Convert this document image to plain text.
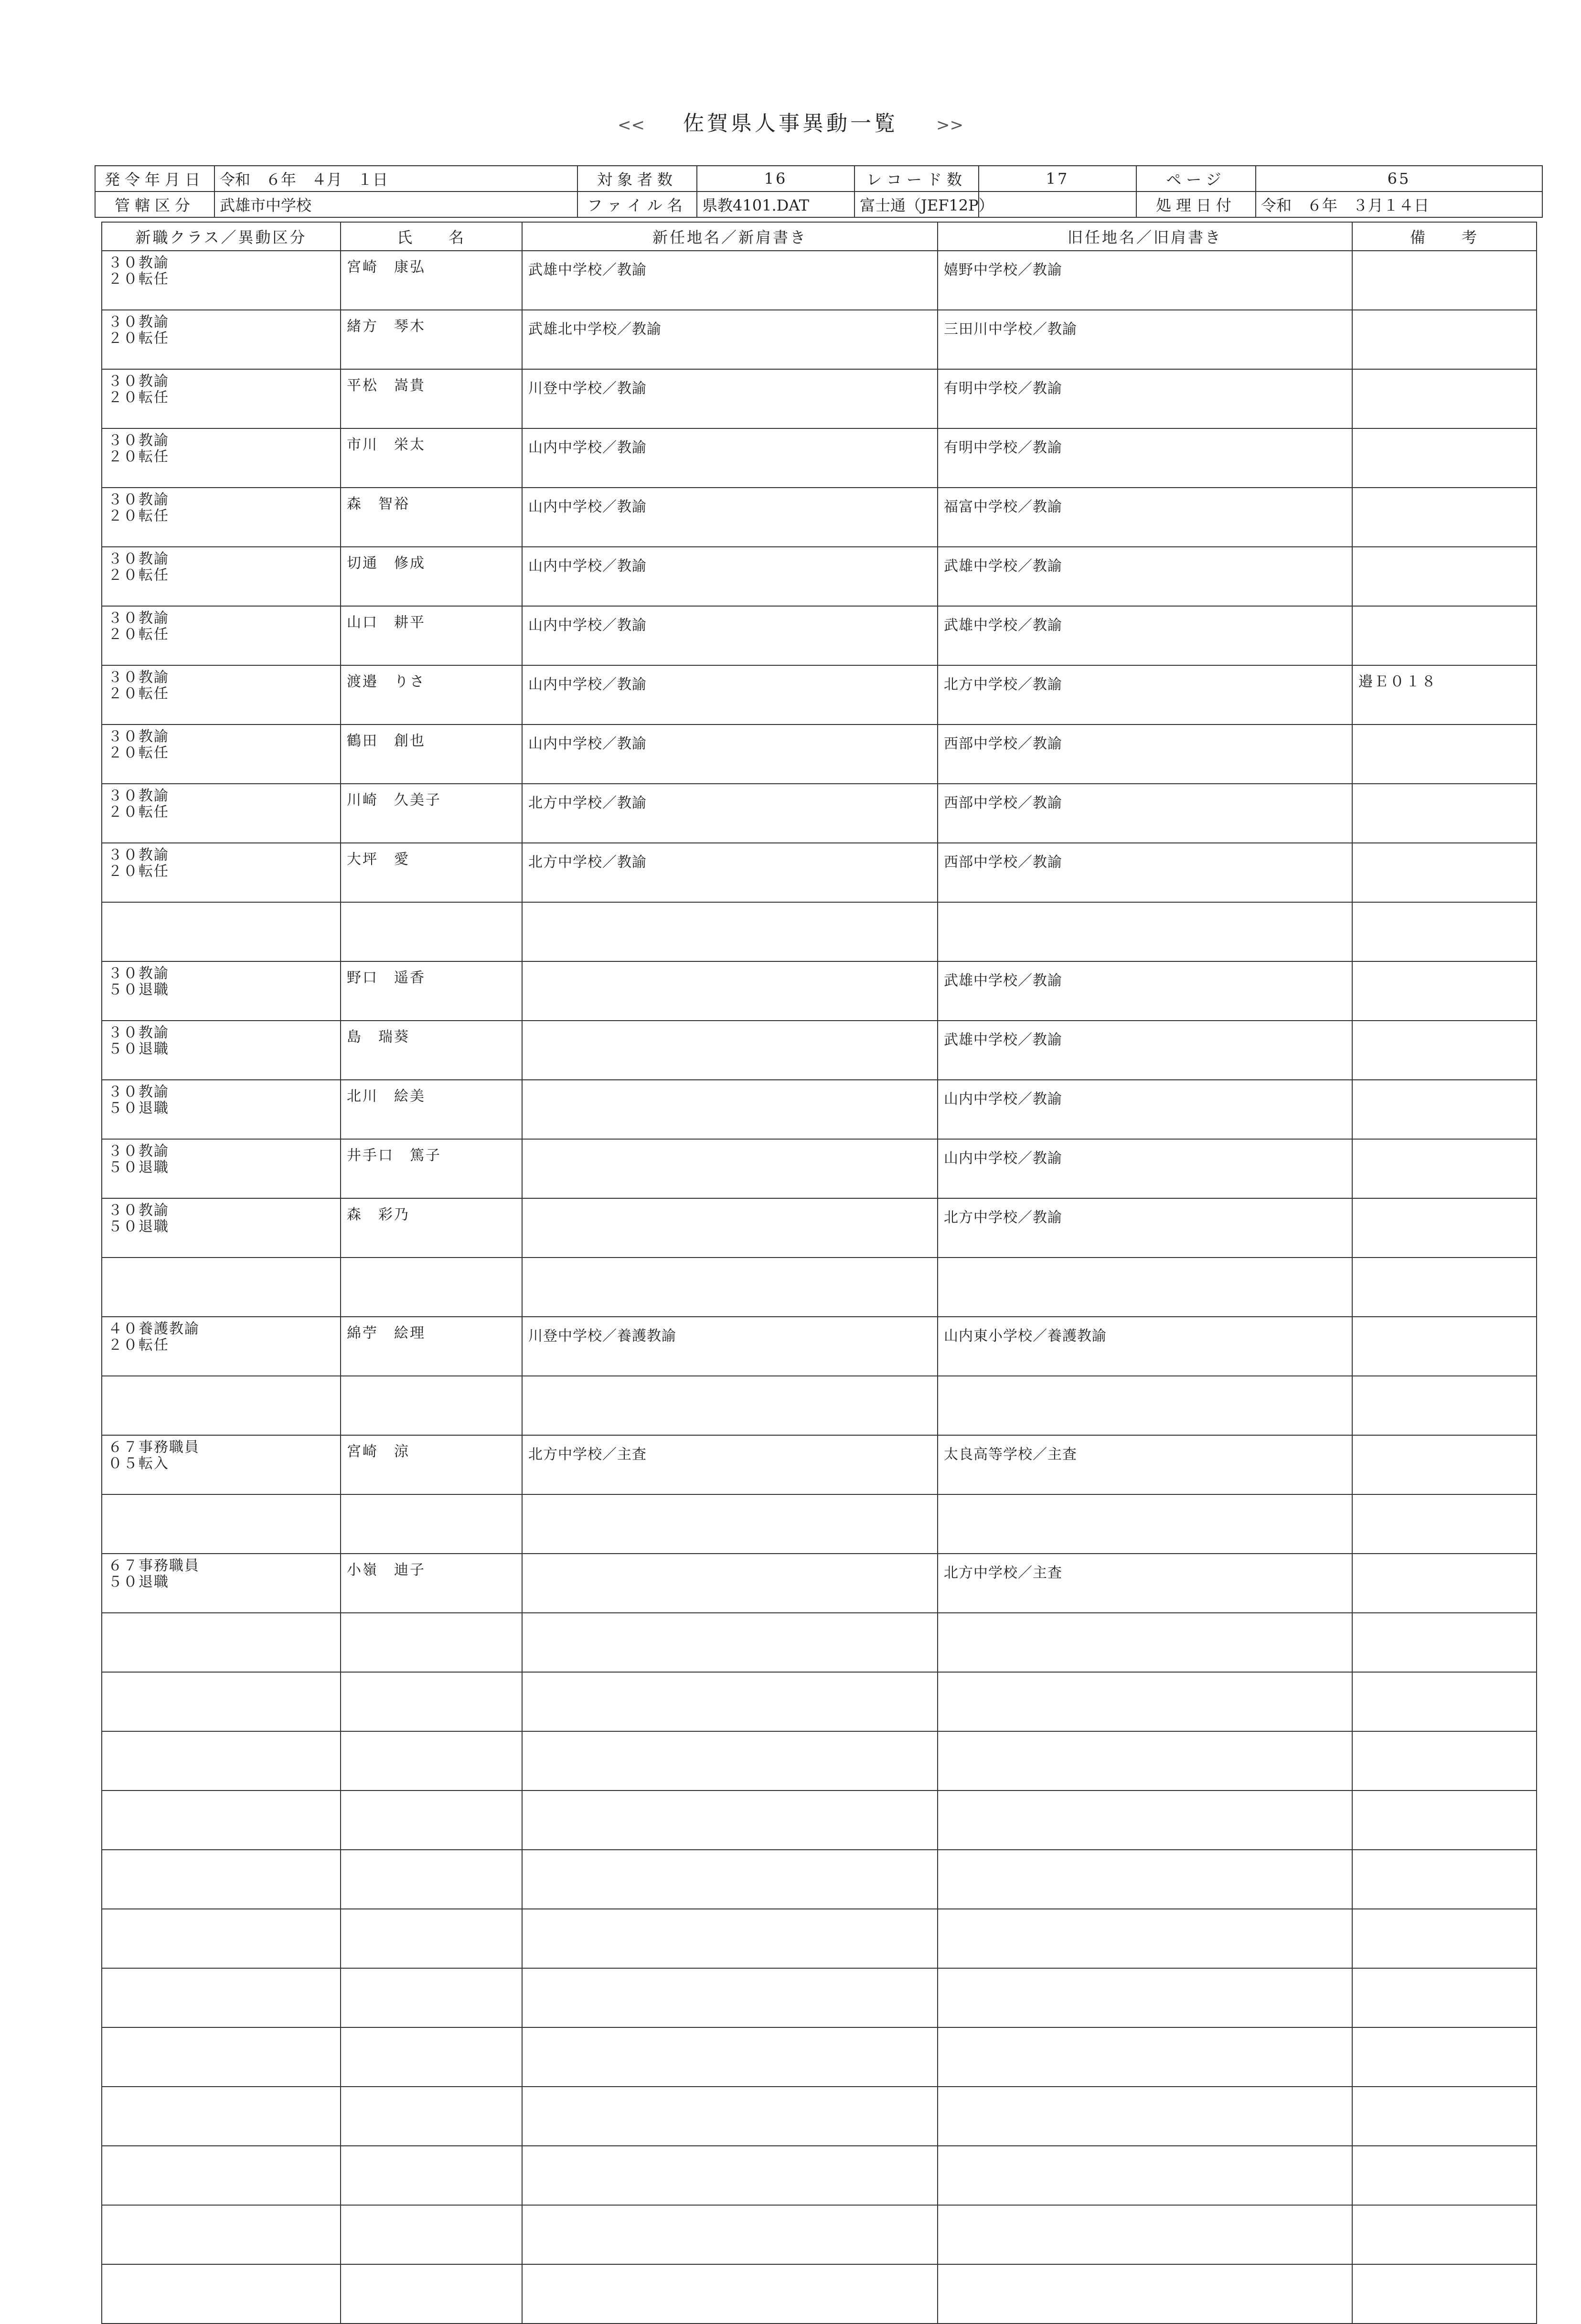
<< 佐賀県人事異動一覧 >>
発令年月日	令和　６年　４月　１日	対象者数	16	レコード数	17	ページ	65
管轄区分	武雄市中学校	ファイル名	県教4101.DAT	富士通（JEF12P）		処理日付	令和　６年　３月１４日
新職クラス／異動区分	氏　　名	新任地名／新肩書き	旧任地名／旧肩書き	備　　考

３０教諭
２０転任	宮崎　康弘	武雄中学校／教諭	嬉野中学校／教諭	

３０教諭
２０転任	緒方　琴木	武雄北中学校／教諭	三田川中学校／教諭	

３０教諭
２０転任	平松　嵩貴	川登中学校／教諭	有明中学校／教諭	

３０教諭
２０転任	市川　栄太	山内中学校／教諭	有明中学校／教諭	

３０教諭
２０転任	森　智裕	山内中学校／教諭	福富中学校／教諭	

３０教諭
２０転任	切通　修成	山内中学校／教諭	武雄中学校／教諭	

３０教諭
２０転任	山口　耕平	山内中学校／教諭	武雄中学校／教諭	

３０教諭
２０転任	渡邉　りさ	山内中学校／教諭	北方中学校／教諭	邉Ｅ０１８

３０教諭
２０転任	鶴田　創也	山内中学校／教諭	西部中学校／教諭	

３０教諭
２０転任	川崎　久美子	北方中学校／教諭	西部中学校／教諭	

３０教諭
２０転任	大坪　愛	北方中学校／教諭	西部中学校／教諭	

３０教諭
５０退職	野口　遥香		武雄中学校／教諭	

３０教諭
５０退職	島　瑞葵		武雄中学校／教諭	

３０教諭
５０退職	北川　絵美		山内中学校／教諭	

３０教諭
５０退職	井手口　篤子		山内中学校／教諭	

３０教諭
５０退職	森　彩乃		北方中学校／教諭	

４０養護教諭
２０転任	綿苧　絵理	川登中学校／養護教諭	山内東小学校／養護教諭	

６７事務職員
０５転入	宮崎　涼	北方中学校／主査	太良高等学校／主査	

６７事務職員
５０退職	小嶺　迪子		北方中学校／主査	
